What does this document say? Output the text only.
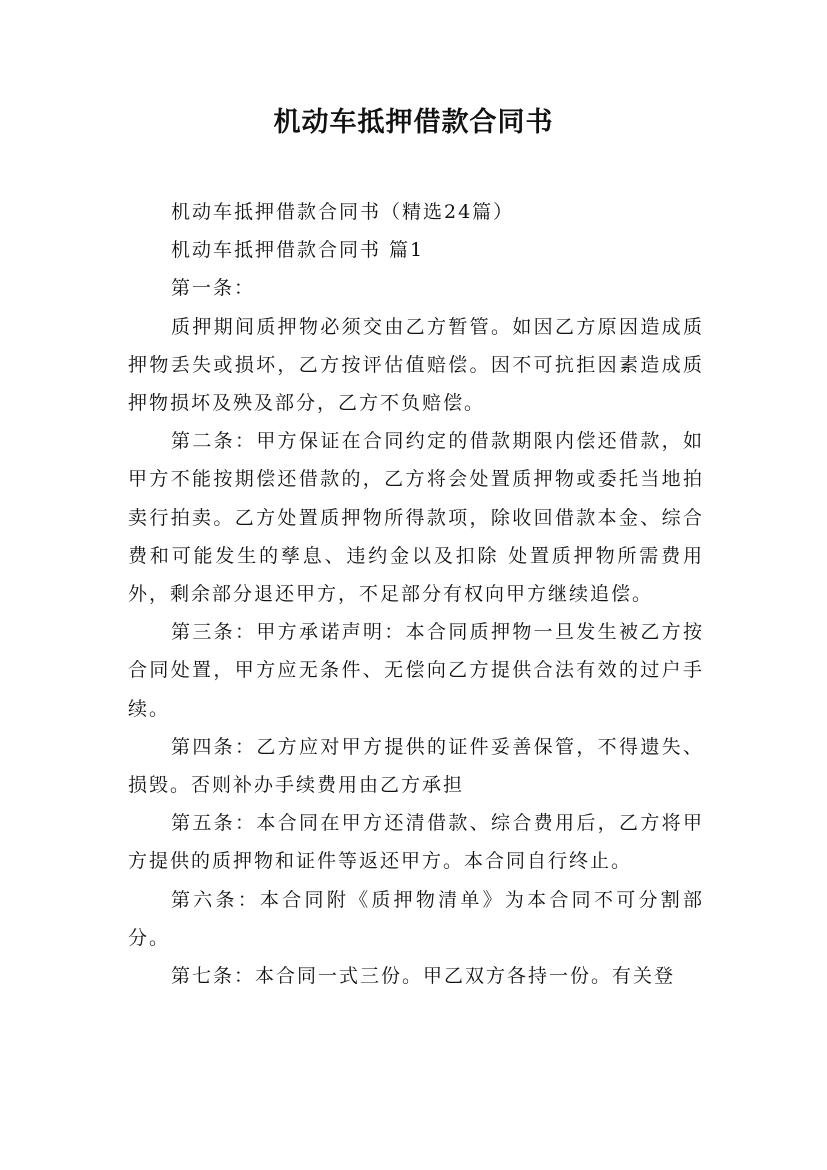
机动车抵押借款合同书

机动车抵押借款合同书（精选24篇）

机动车抵押借款合同书 篇1

第一条：

质押期间质押物必须交由乙方暂管。如因乙方原因造成质押物丢失或损坏，乙方按评估值赔偿。因不可抗拒因素造成质押物损坏及殃及部分，乙方不负赔偿。

第二条：甲方保证在合同约定的借款期限内偿还借款，如甲方不能按期偿还借款的，乙方将会处置质押物或委托当地拍卖行拍卖。乙方处置质押物所得款项，除收回借款本金、综合费和可能发生的孳息、违约金以及扣除 处置质押物所需费用外，剩余部分退还甲方，不足部分有权向甲方继续追偿。

第三条：甲方承诺声明：本合同质押物一旦发生被乙方按合同处置，甲方应无条件、无偿向乙方提供合法有效的过户手续。

第四条：乙方应对甲方提供的证件妥善保管，不得遗失、损毁。否则补办手续费用由乙方承担

第五条：本合同在甲方还清借款、综合费用后，乙方将甲方提供的质押物和证件等返还甲方。本合同自行终止。

第六条：本合同附《质押物清单》为本合同不可分割部分。

第七条：本合同一式三份。甲乙双方各持一份。有关登
